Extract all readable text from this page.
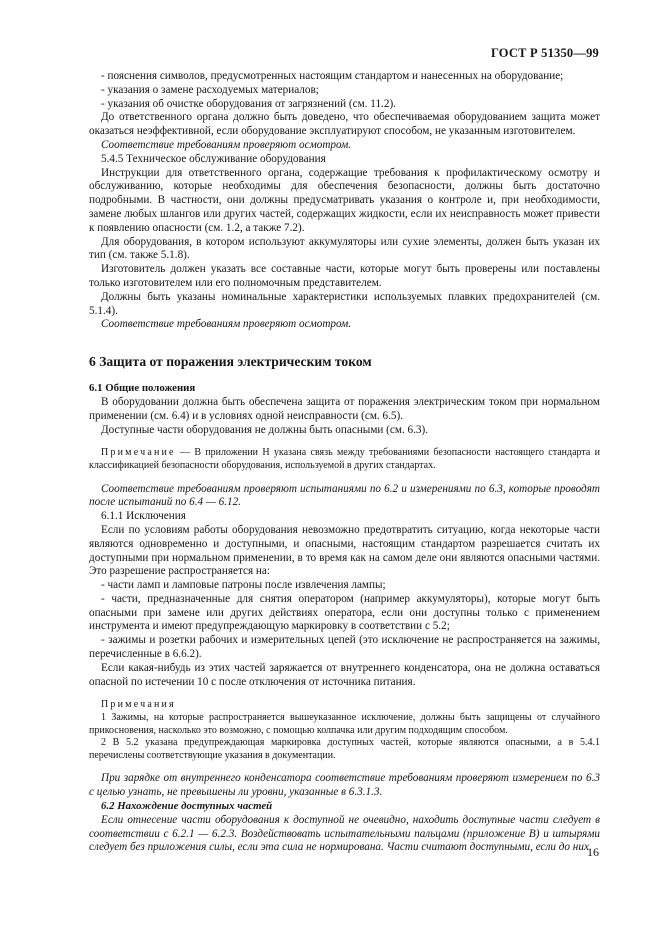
ГОСТ Р 51350—99

- пояснения символов, предусмотренных настоящим стандартом и нанесенных на оборудование;

- указания о замене расходуемых материалов;

- указания об очистке оборудования от загрязнений (см. 11.2).

До ответственного органа должно быть доведено, что обеспечиваемая оборудованием защита может оказаться неэффективной, если оборудование эксплуатируют способом, не указанным изготовителем.

Соответствие требованиям проверяют осмотром.

5.4.5 Техническое обслуживание оборудования

Инструкции для ответственного органа, содержащие требования к профилактическому осмотру и обслуживанию, которые необходимы для обеспечения безопасности, должны быть достаточно подробными. В частности, они должны предусматривать указания о контроле и, при необходимости, замене любых шлангов или других частей, содержащих жидкости, если их неисправность может привести к появлению опасности (см. 1.2, а также 7.2).

Для оборудования, в котором используют аккумуляторы или сухие элементы, должен быть указан их тип (см. также 5.1.8).

Изготовитель должен указать все составные части, которые могут быть проверены или поставлены только изготовителем или его полномочным представителем.

Должны быть указаны номинальные характеристики используемых плавких предохранителей (см. 5.1.4).

Соответствие требованиям проверяют осмотром.

6 Защита от поражения электрическим током

6.1 Общие положения

В оборудовании должна быть обеспечена защита от поражения электрическим током при нормальном применении (см. 6.4) и в условиях одной неисправности (см. 6.5).

Доступные части оборудования не должны быть опасными (см. 6.3).

Примечание — В приложении Н указана связь между требованиями безопасности настоящего стандарта и классификацией безопасности оборудования, используемой в других стандартах.

Соответствие требованиям проверяют испытаниями по 6.2 и измерениями по 6.3, которые проводят после испытаний по 6.4 — 6.12.

6.1.1 Исключения

Если по условиям работы оборудования невозможно предотвратить ситуацию, когда некоторые части являются одновременно и доступными, и опасными, настоящим стандартом разрешается считать их доступными при нормальном применении, в то время как на самом деле они являются опасными частями. Это разрешение распространяется на:

- части ламп и ламповые патроны после извлечения лампы;

- части, предназначенные для снятия оператором (например аккумуляторы), которые могут быть опасными при замене или других действиях оператора, если они доступны только с применением инструмента и имеют предупреждающую маркировку в соответствии с 5.2;

- зажимы и розетки рабочих и измерительных цепей (это исключение не распространяется на зажимы, перечисленные в 6.6.2).

Если какая-нибудь из этих частей заряжается от внутреннего конденсатора, она не должна оставаться опасной по истечении 10 с после отключения от источника питания.

Примечания

1 Зажимы, на которые распространяется вышеуказанное исключение, должны быть защищены от случайного прикосновения, насколько это возможно, с помощью колпачка или другим подходящим способом.

2 В 5.2 указана предупреждающая маркировка доступных частей, которые являются опасными, а в 5.4.1 перечислены соответствующие указания в документации.

При зарядке от внутреннего конденсатора соответствие требованиям проверяют измерением по 6.3 с целью узнать, не превышены ли уровни, указанные в 6.3.1.3.

6.2 Нахождение доступных частей

Если отнесение части оборудования к доступной не очевидно, находить доступные части следует в соответствии с 6.2.1 — 6.2.3. Воздействовать испытательными пальцами (приложение В) и штырями следует без приложения силы, если эта сила не нормирована. Части считают доступными, если до них

16
